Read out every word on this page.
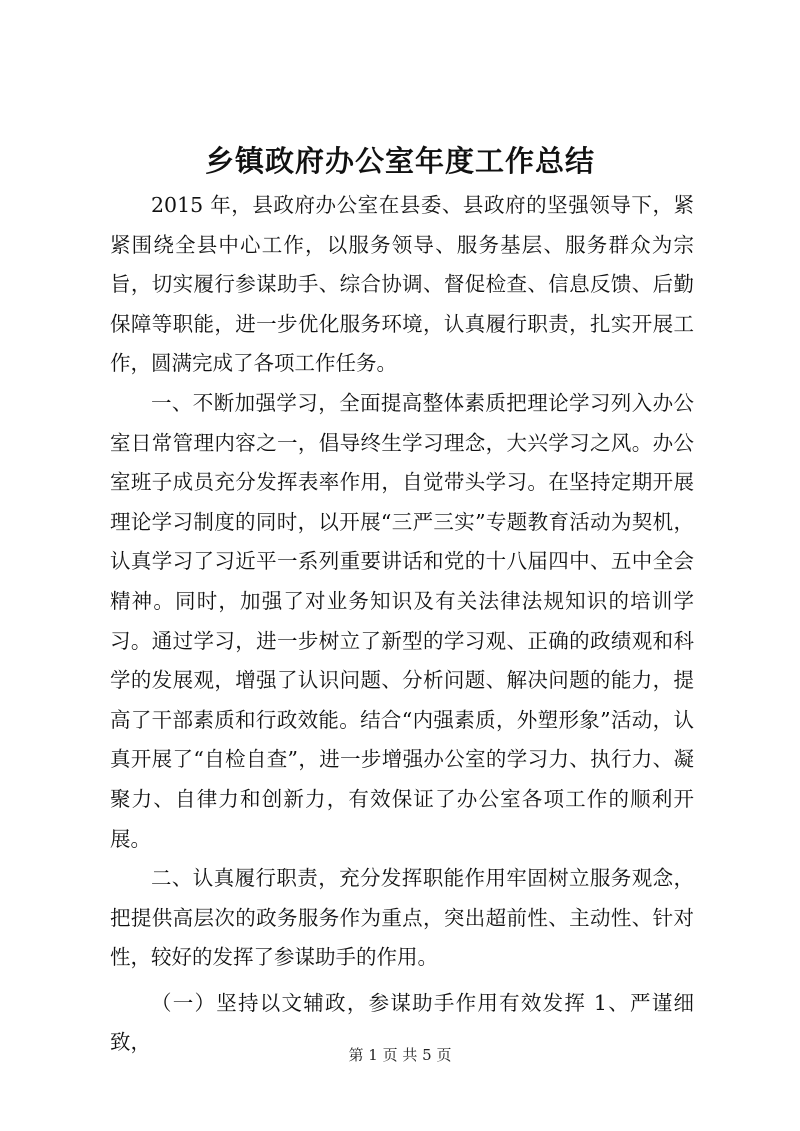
乡镇政府办公室年度工作总结

2015 年，县政府办公室在县委、县政府的坚强领导下，紧紧围绕全县中心工作，以服务领导、服务基层、服务群众为宗旨，切实履行参谋助手、综合协调、督促检查、信息反馈、后勤保障等职能，进一步优化服务环境，认真履行职责，扎实开展工作，圆满完成了各项工作任务。

一、不断加强学习，全面提高整体素质把理论学习列入办公室日常管理内容之一，倡导终生学习理念，大兴学习之风。办公室班子成员充分发挥表率作用，自觉带头学习。在坚持定期开展理论学习制度的同时，以开展“三严三实”专题教育活动为契机，认真学习了习近平一系列重要讲话和党的十八届四中、五中全会精神。同时，加强了对业务知识及有关法律法规知识的培训学习。通过学习，进一步树立了新型的学习观、正确的政绩观和科学的发展观，增强了认识问题、分析问题、解决问题的能力，提高了干部素质和行政效能。结合“内强素质，外塑形象”活动，认真开展了“自检自查”，进一步增强办公室的学习力、执行力、凝聚力、自律力和创新力，有效保证了办公室各项工作的顺利开展。

二、认真履行职责，充分发挥职能作用牢固树立服务观念，把提供高层次的政务服务作为重点，突出超前性、主动性、针对性，较好的发挥了参谋助手的作用。

（一）坚持以文辅政，参谋助手作用有效发挥 1、严谨细致，

第 1 页 共 5 页
